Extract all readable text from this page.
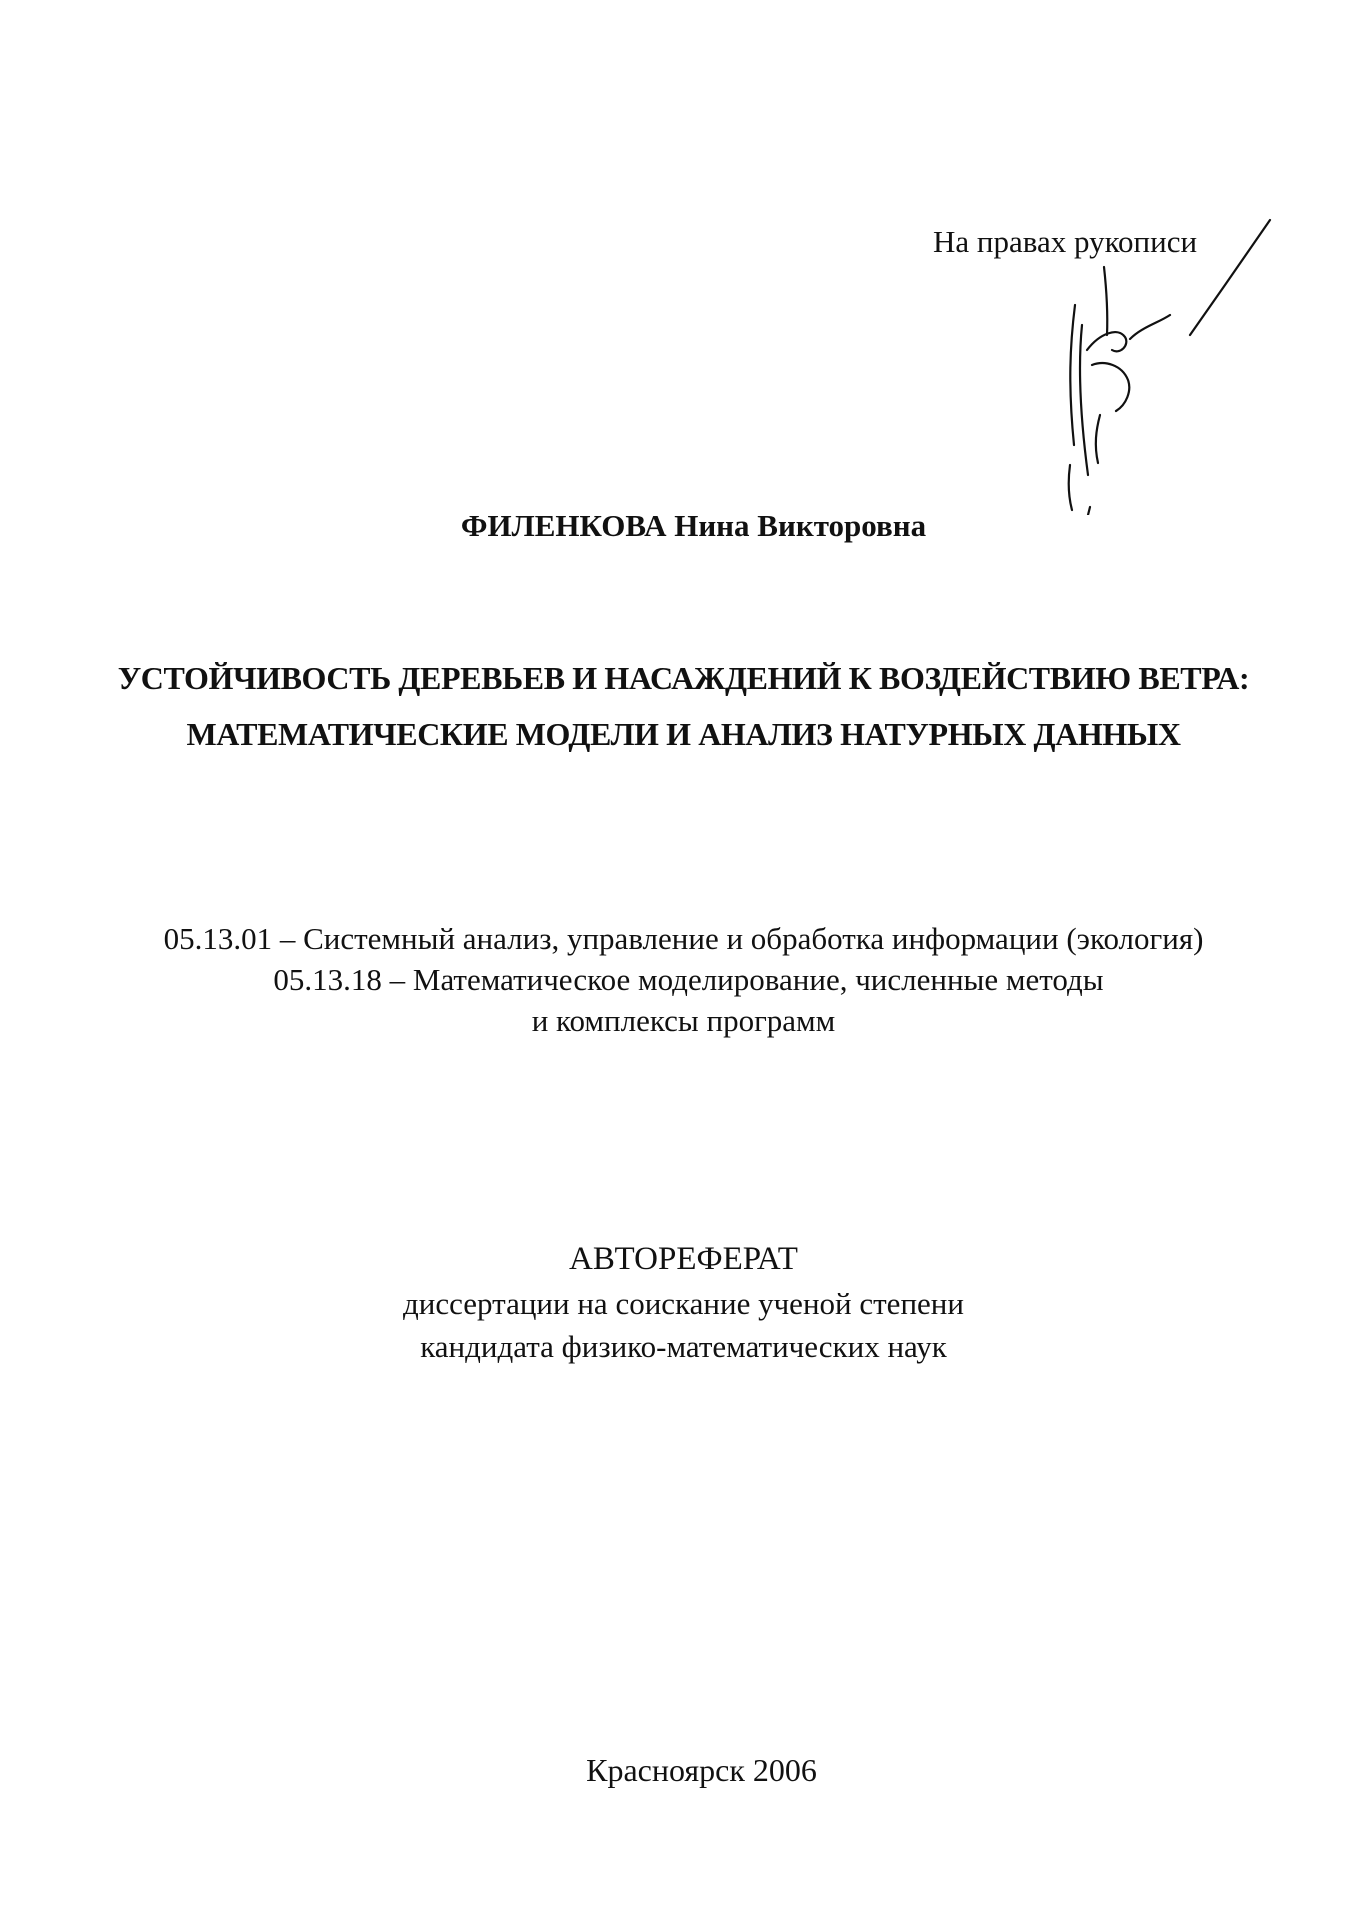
На правах рукописи
ФИЛЕНКОВА Нина Викторовна
УСТОЙЧИВОСТЬ ДЕРЕВЬЕВ И НАСАЖДЕНИЙ К ВОЗДЕЙСТВИЮ ВЕТРА:
МАТЕМАТИЧЕСКИЕ МОДЕЛИ И АНАЛИЗ НАТУРНЫХ ДАННЫХ
05.13.01 – Системный анализ, управление и обработка информации (экология)
05.13.18 – Математическое моделирование, численные методы
и комплексы программ
АВТОРЕФЕРАТ
диссертации на соискание ученой степени
кандидата физико-математических наук
Красноярск 2006
